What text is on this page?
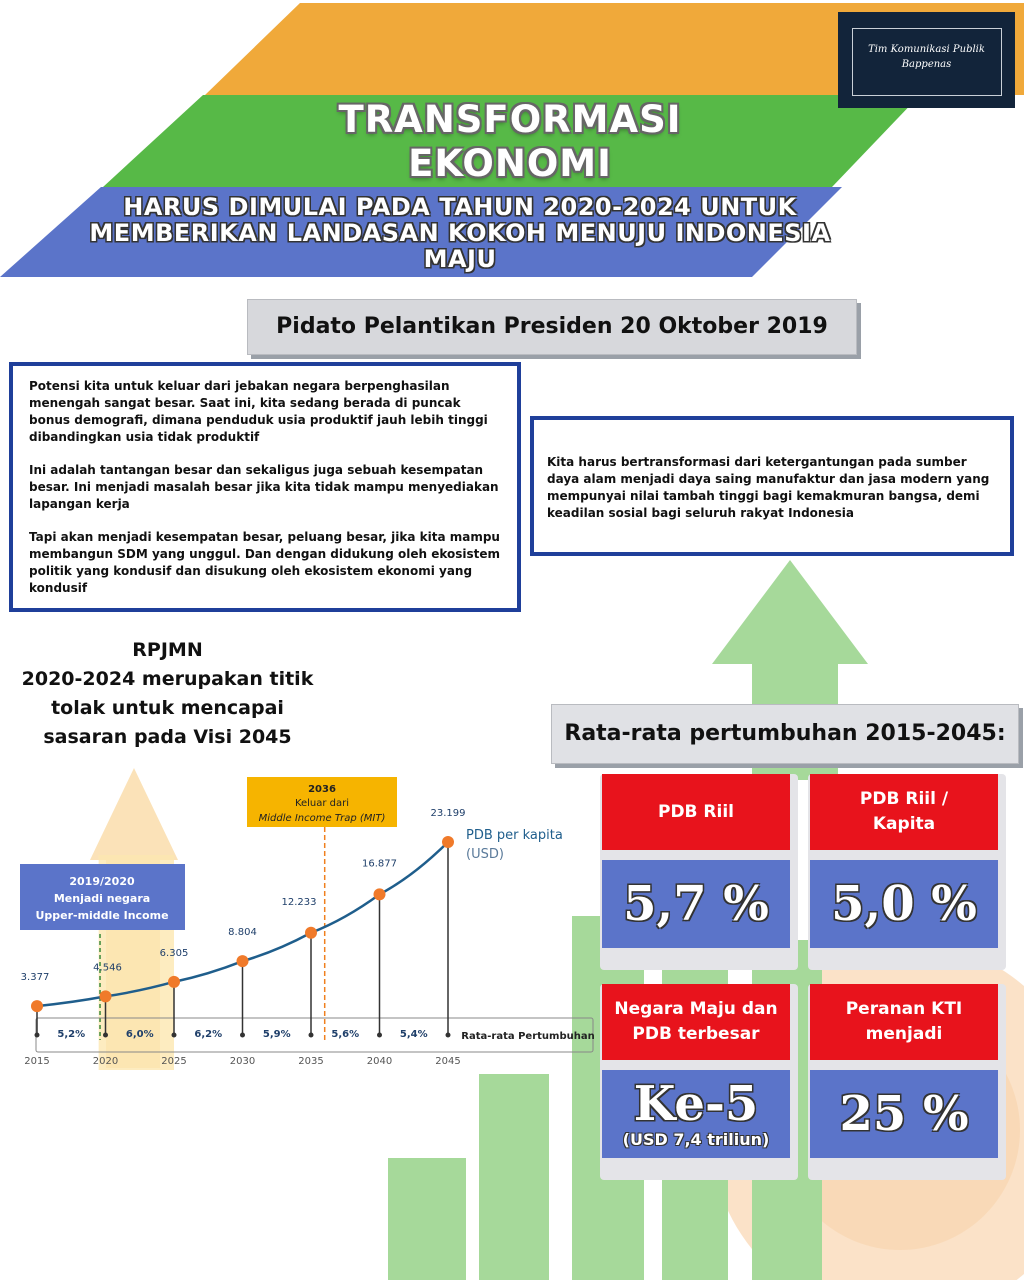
Tim Komunikasi Publik Bappenas
TRANSFORMASI EKONOMI
HARUS DIMULAI PADA TAHUN 2020-2024 UNTUK MEMBERIKAN LANDASAN KOKOH MENUJU INDONESIA MAJU
Pidato Pelantikan Presiden 20 Oktober 2019

Potensi kita untuk keluar dari jebakan negara berpenghasilan menengah sangat besar. Saat ini, kita sedang berada di puncak bonus demografi, dimana penduduk usia produktif jauh lebih tinggi dibandingkan usia tidak produktif

Ini adalah tantangan besar dan sekaligus juga sebuah kesempatan besar. Ini menjadi masalah besar jika kita tidak mampu menyediakan lapangan kerja

Tapi akan menjadi kesempatan besar, peluang besar, jika kita mampu membangun SDM yang unggul. Dan dengan didukung oleh ekosistem politik yang kondusif dan disukung oleh ekosistem ekonomi yang kondusif

Kita harus bertransformasi dari ketergantungan pada sumber daya alam menjadi daya saing manufaktur dan jasa modern yang mempunyai nilai tambah tinggi bagi kemakmuran bangsa, demi keadilan sosial bagi seluruh rakyat Indonesia

RPJMN
2020-2024 merupakan titik tolak untuk mencapai sasaran pada Visi 2045
2019/2020
Menjadi negara
Upper-middle Income
2036
Keluar dari
Middle Income Trap (MIT)
Rata-rata Pertumbuhan
3.377
4.546
6.305
8.804
12.233
16.877
23.199
PDB per kapita
(USD)
5,2%	6,0%	6,2%	5,9%	5,6%	5,4%
2015	2020	2025	2030	2035	2040	2045
Rata-rata pertumbuhan 2015-2045:
PDB Riil
5,7 %
PDB Riil / Kapita
5,0 %
Negara Maju dan PDB terbesar
Ke-5
(USD 7,4 triliun)
Peranan KTI menjadi
25 %
